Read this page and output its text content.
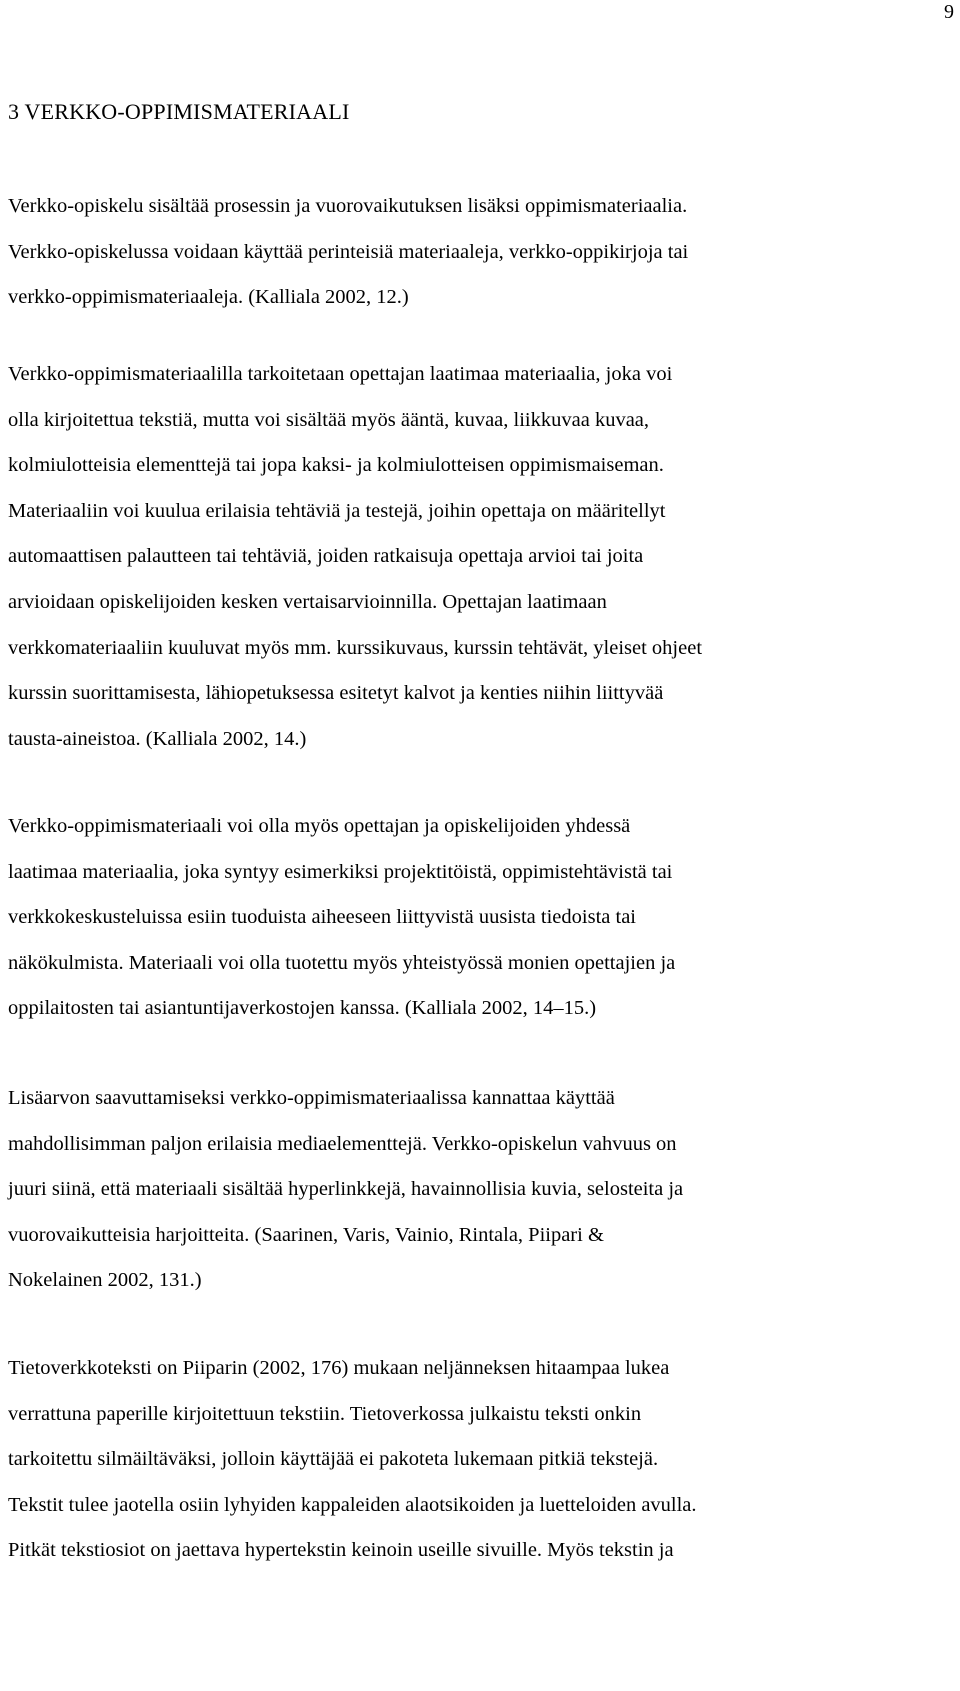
9
3 VERKKO-OPPIMISMATERIAALI
Verkko-opiskelu sisältää prosessin ja vuorovaikutuksen lisäksi oppimismateriaalia.
Verkko-opiskelussa voidaan käyttää perinteisiä materiaaleja, verkko-oppikirjoja tai
verkko-oppimismateriaaleja. (Kalliala 2002, 12.)
Verkko-oppimismateriaalilla tarkoitetaan opettajan laatimaa materiaalia, joka voi
olla kirjoitettua tekstiä, mutta voi sisältää myös ääntä, kuvaa, liikkuvaa kuvaa,
kolmiulotteisia elementtejä tai jopa kaksi- ja kolmiulotteisen oppimismaiseman.
Materiaaliin voi kuulua erilaisia tehtäviä ja testejä, joihin opettaja on määritellyt
automaattisen palautteen tai tehtäviä, joiden ratkaisuja opettaja arvioi tai joita
arvioidaan opiskelijoiden kesken vertaisarvioinnilla. Opettajan laatimaan
verkkomateriaaliin kuuluvat myös mm. kurssikuvaus, kurssin tehtävät, yleiset ohjeet
kurssin suorittamisesta, lähiopetuksessa esitetyt kalvot ja kenties niihin liittyvää
tausta-aineistoa. (Kalliala 2002, 14.)
Verkko-oppimismateriaali voi olla myös opettajan ja opiskelijoiden yhdessä
laatimaa materiaalia, joka syntyy esimerkiksi projektitöistä, oppimistehtävistä tai
verkkokeskusteluissa esiin tuoduista aiheeseen liittyvistä uusista tiedoista tai
näkökulmista. Materiaali voi olla tuotettu myös yhteistyössä monien opettajien ja
oppilaitosten tai asiantuntijaverkostojen kanssa. (Kalliala 2002, 14–15.)
Lisäarvon saavuttamiseksi verkko-oppimismateriaalissa kannattaa käyttää
mahdollisimman paljon erilaisia mediaelementtejä. Verkko-opiskelun vahvuus on
juuri siinä, että materiaali sisältää hyperlinkkejä, havainnollisia kuvia, selosteita ja
vuorovaikutteisia harjoitteita. (Saarinen, Varis, Vainio, Rintala, Piipari &
Nokelainen 2002, 131.)
Tietoverkkoteksti on Piiparin (2002, 176) mukaan neljänneksen hitaampaa lukea
verrattuna paperille kirjoitettuun tekstiin. Tietoverkossa julkaistu teksti onkin
tarkoitettu silmäiltäväksi, jolloin käyttäjää ei pakoteta lukemaan pitkiä tekstejä.
Tekstit tulee jaotella osiin lyhyiden kappaleiden alaotsikoiden ja luetteloiden avulla.
Pitkät tekstiosiot on jaettava hypertekstin keinoin useille sivuille. Myös tekstin ja
